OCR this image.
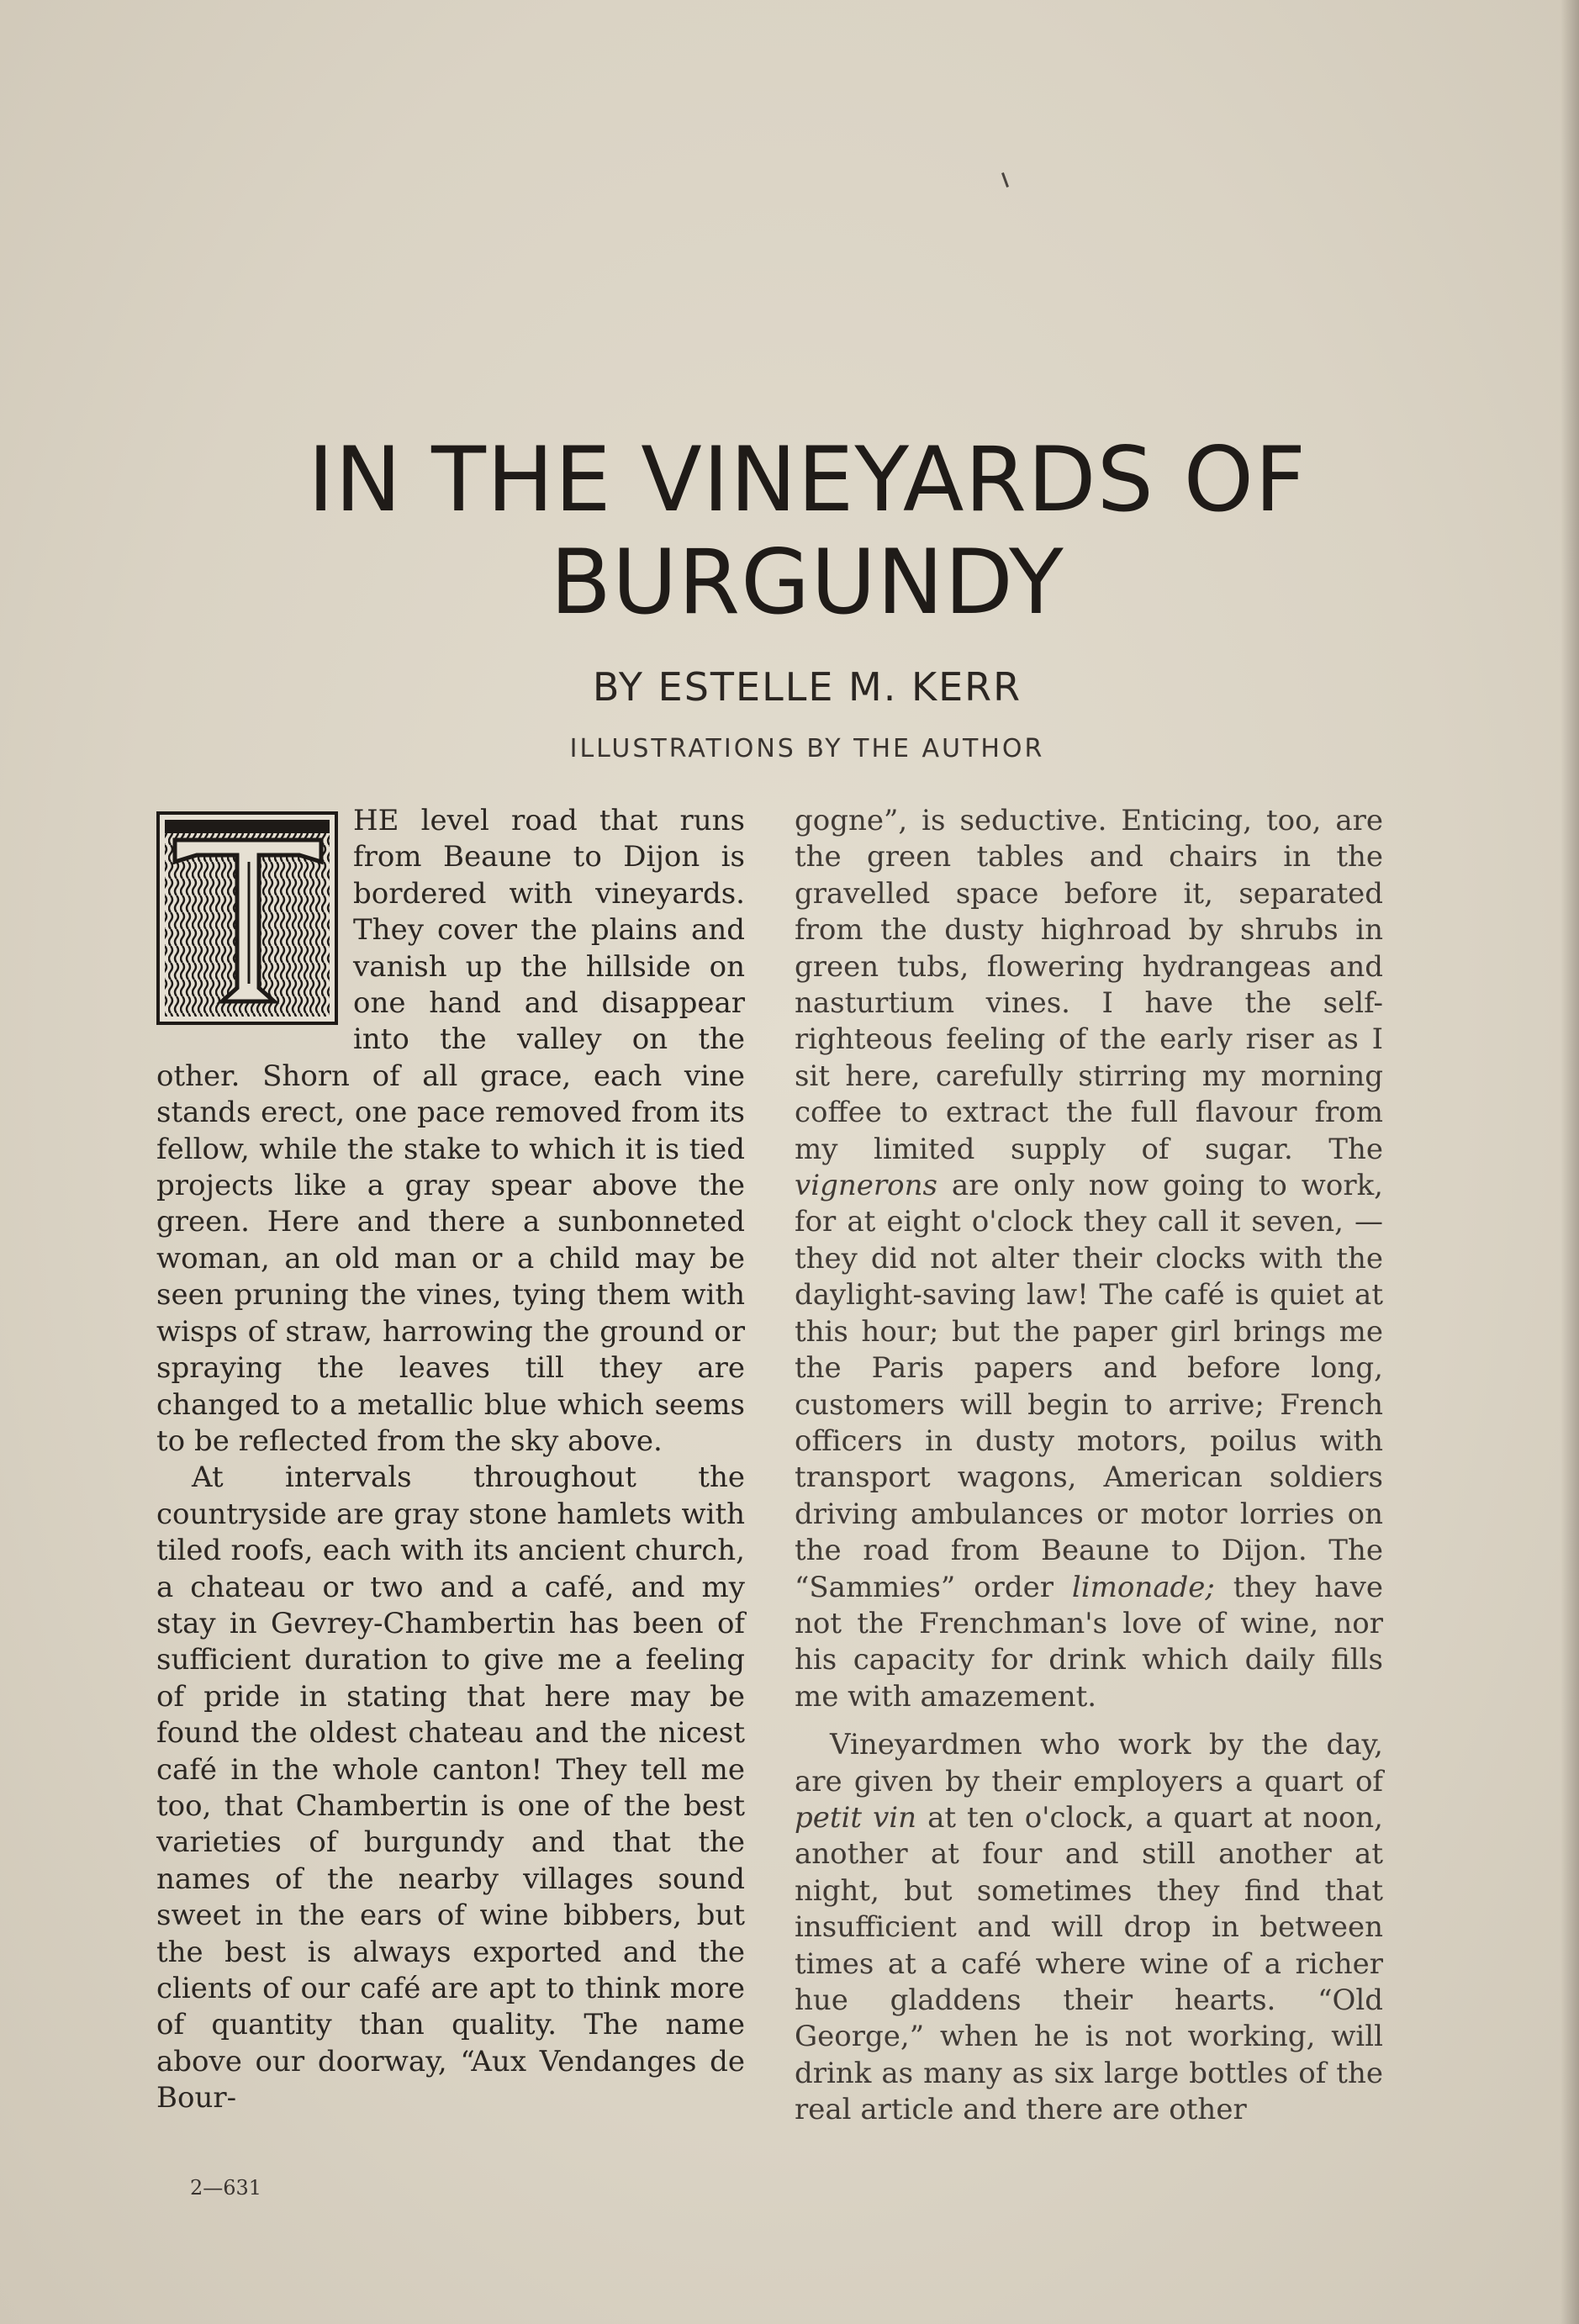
IN THE VINEYARDS OF
BURGUNDY
BY ESTELLE M. KERR
ILLUSTRATIONS BY THE AUTHOR

HE level road that runs from Beaune to Dijon is bordered with vineyards. They cover the plains and vanish up the hillside on one hand and disappear into the valley on the other. Shorn of all grace, each vine stands erect, one pace removed from its fellow, while the stake to which it is tied projects like a gray spear above the green. Here and there a sunbonneted woman, an old man or a child may be seen pruning the vines, tying them with wisps of straw, harrowing the ground or spraying the leaves till they are changed to a metallic blue which seems to be reflected from the sky above.

At intervals throughout the countryside are gray stone hamlets with tiled roofs, each with its ancient church, a chateau or two and a café, and my stay in Gevrey-Chambertin has been of sufficient duration to give me a feeling of pride in stating that here may be found the oldest chateau and the nicest café in the whole canton! They tell me too, that Chambertin is one of the best varieties of burgundy and that the names of the nearby villages sound sweet in the ears of wine bibbers, but the best is always exported and the clients of our café are apt to think more of quantity than quality. The name above our doorway, “Aux Vendanges de Bour-

gogne”, is seductive. Enticing, too, are the green tables and chairs in the gravelled space before it, separated from the dusty highroad by shrubs in green tubs, flowering hydrangeas and nasturtium vines. I have the self-righteous feeling of the early riser as I sit here, carefully stirring my morning coffee to extract the full flavour from my limited supply of sugar. The vignerons are only now going to work, for at eight o'clock they call it seven, —they did not alter their clocks with the daylight-saving law! The café is quiet at this hour; but the paper girl brings me the Paris papers and before long, customers will begin to arrive; French officers in dusty motors, poilus with transport wagons, American soldiers driving ambulances or motor lorries on the road from Beaune to Dijon. The “Sammies” order limonade; they have not the Frenchman's love of wine, nor his capacity for drink which daily fills me with amazement.

Vineyardmen who work by the day, are given by their employers a quart of petit vin at ten o'clock, a quart at noon, another at four and still another at night, but sometimes they find that insufficient and will drop in between times at a café where wine of a richer hue gladdens their hearts. “Old George,” when he is not working, will drink as many as six large bottles of the real article and there are other

2—631
